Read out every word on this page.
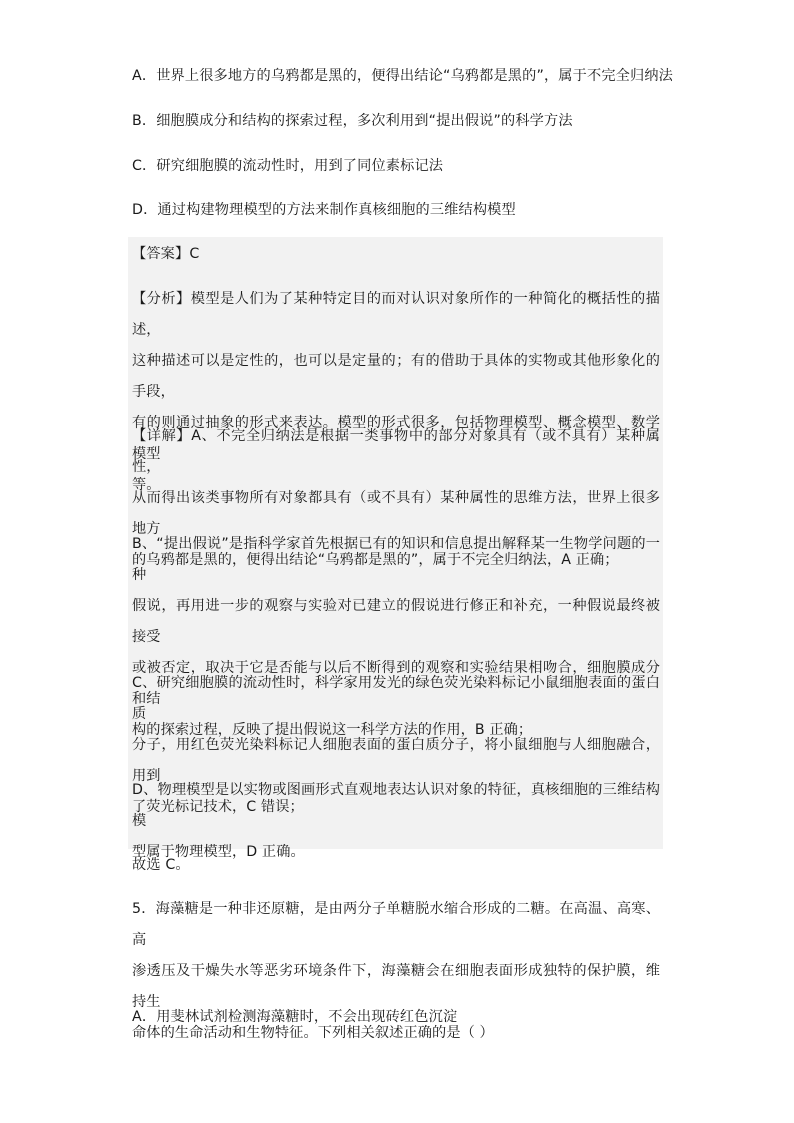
A．世界上很多地方的乌鸦都是黑的，便得出结论“乌鸦都是黑的”，属于不完全归纳法
B．细胞膜成分和结构的探索过程，多次利用到“提出假说”的科学方法
C．研究细胞膜的流动性时，用到了同位素标记法
D．通过构建物理模型的方法来制作真核细胞的三维结构模型
【答案】C
【分析】模型是人们为了某种特定目的而对认识对象所作的一种简化的概括性的描述，
这种描述可以是定性的，也可以是定量的；有的借助于具体的实物或其他形象化的手段，
有的则通过抽象的形式来表达。模型的形式很多，包括物理模型、概念模型、数学模型
等。
【详解】A、不完全归纳法是根据一类事物中的部分对象具有（或不具有）某种属性，
从而得出该类事物所有对象都具有（或不具有）某种属性的思维方法，世界上很多地方
的乌鸦都是黑的，便得出结论“乌鸦都是黑的”，属于不完全归纳法，A 正确；
B、“提出假说”是指科学家首先根据已有的知识和信息提出解释某一生物学问题的一种
假说，再用进一步的观察与实验对已建立的假说进行修正和补充，一种假说最终被接受
或被否定，取决于它是否能与以后不断得到的观察和实验结果相吻合，细胞膜成分和结
构的探索过程，反映了提出假说这一科学方法的作用，B 正确；
C、研究细胞膜的流动性时，科学家用发光的绿色荧光染料标记小鼠细胞表面的蛋白质
分子，用红色荧光染料标记人细胞表面的蛋白质分子，将小鼠细胞与人细胞融合，用到
了荧光标记技术，C 错误；
D、物理模型是以实物或图画形式直观地表达认识对象的特征，真核细胞的三维结构模
型属于物理模型，D 正确。
故选 C。
5．海藻糖是一种非还原糖，是由两分子单糖脱水缩合形成的二糖。在高温、高寒、高
渗透压及干燥失水等恶劣环境条件下，海藻糖会在细胞表面形成独特的保护膜，维持生
命体的生命活动和生物特征。下列相关叙述正确的是（ ）
A．用斐林试剂检测海藻糖时，不会出现砖红色沉淀
